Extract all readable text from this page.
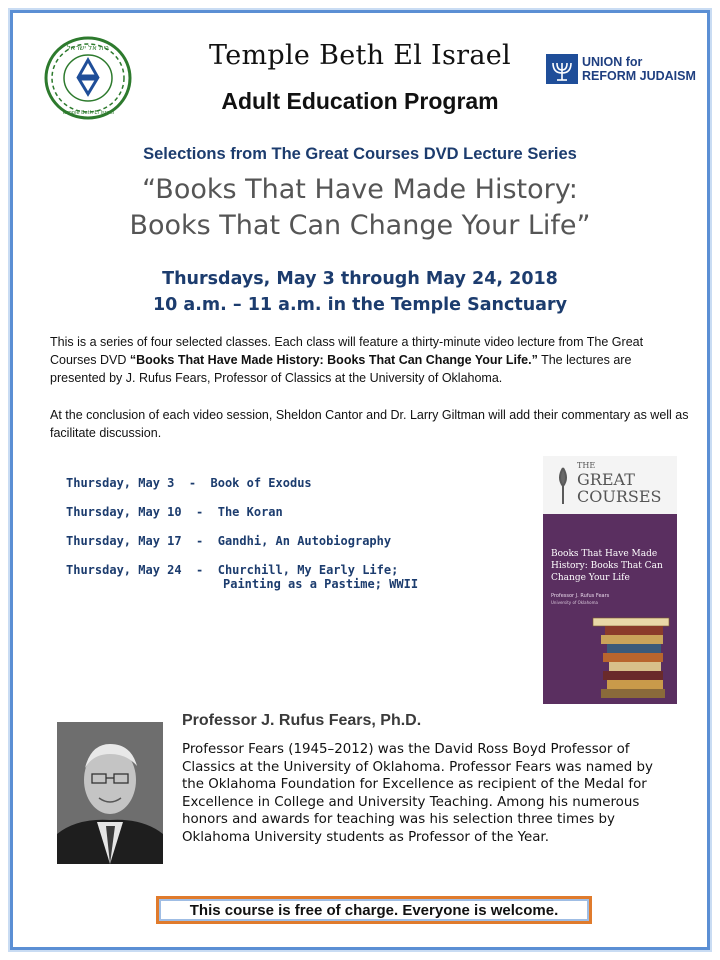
בית אל ישראל
Temple Beth El Israel
UNION for
REFORM JUDAISM
Temple Beth El Israel
Adult Education Program
Selections from The Great Courses DVD Lecture Series
“Books That Have Made History:
Books That Can Change Your Life”
Thursdays, May 3 through May 24, 2018
10 a.m. – 11 a.m. in the Temple Sanctuary
This is a series of four selected classes. Each class will feature a thirty-minute video lecture from The Great Courses DVD “Books That Have Made History: Books That Can Change Your Life.” The lectures are presented by J. Rufus Fears, Professor of Classics at the University of Oklahoma.
At the conclusion of each video session, Sheldon Cantor and Dr. Larry Giltman will add their commentary as well as facilitate discussion.
Thursday, May 3  -  Book of Exodus
Thursday, May 10  -  The Koran
Thursday, May 17  -  Gandhi, An Autobiography
Thursday, May 24  -  Churchill, My Early Life;
Painting as a Pastime; WWII
THE
GREAT
COURSES
Books That Have Made
History: Books That Can
Change Your Life
Professor J. Rufus Fears
University of Oklahoma
Professor J. Rufus Fears, Ph.D.
Professor Fears (1945–2012) was the David Ross Boyd Professor of Classics at the University of Oklahoma. Professor Fears was named by the Oklahoma Foundation for Excellence as recipient of the Medal for Excellence in College and University Teaching. Among his numerous honors and awards for teaching was his selection three times by Oklahoma University students as Professor of the Year.
This course is free of charge. Everyone is welcome.
